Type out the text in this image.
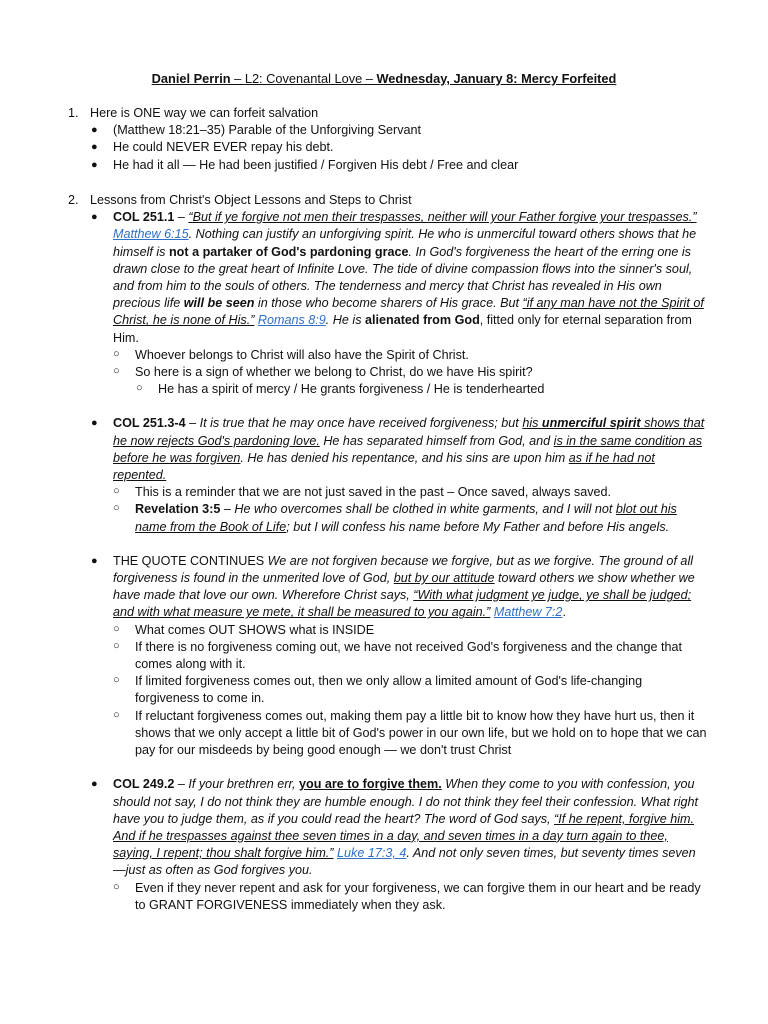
Daniel Perrin – L2: Covenantal Love – Wednesday, January 8: Mercy Forfeited
1. Here is ONE way we can forfeit salvation
● (Matthew 18:21–35) Parable of the Unforgiving Servant
● He could NEVER EVER repay his debt.
● He had it all — He had been justified / Forgiven His debt / Free and clear
2. Lessons from Christ's Object Lessons and Steps to Christ
● COL 251.1 – “But if ye forgive not men their trespasses, neither will your Father forgive your trespasses.” Matthew 6:15. Nothing can justify an unforgiving spirit. He who is unmerciful toward others shows that he himself is not a partaker of God's pardoning grace. In God's forgiveness the heart of the erring one is drawn close to the great heart of Infinite Love. The tide of divine compassion flows into the sinner's soul, and from him to the souls of others. The tenderness and mercy that Christ has revealed in His own precious life will be seen in those who become sharers of His grace. But “if any man have not the Spirit of Christ, he is none of His.” Romans 8:9. He is alienated from God, fitted only for eternal separation from Him.
○ Whoever belongs to Christ will also have the Spirit of Christ.
○ So here is a sign of whether we belong to Christ, do we have His spirit?
○ He has a spirit of mercy / He grants forgiveness / He is tenderhearted
● COL 251.3-4 – It is true that he may once have received forgiveness; but his unmerciful spirit shows that he now rejects God's pardoning love. He has separated himself from God, and is in the same condition as before he was forgiven. He has denied his repentance, and his sins are upon him as if he had not repented.
○ This is a reminder that we are not just saved in the past – Once saved, always saved.
○ Revelation 3:5 – He who overcomes shall be clothed in white garments, and I will not blot out his name from the Book of Life; but I will confess his name before My Father and before His angels.
● THE QUOTE CONTINUES We are not forgiven because we forgive, but as we forgive. The ground of all forgiveness is found in the unmerited love of God, but by our attitude toward others we show whether we have made that love our own. Wherefore Christ says, “With what judgment ye judge, ye shall be judged; and with what measure ye mete, it shall be measured to you again.” Matthew 7:2.
○ What comes OUT SHOWS what is INSIDE
○ If there is no forgiveness coming out, we have not received God's forgiveness and the change that comes along with it.
○ If limited forgiveness comes out, then we only allow a limited amount of God's life-changing forgiveness to come in.
○ If reluctant forgiveness comes out, making them pay a little bit to know how they have hurt us, then it shows that we only accept a little bit of God's power in our own life, but we hold on to hope that we can pay for our misdeeds by being good enough — we don't trust Christ
● COL 249.2 – If your brethren err, you are to forgive them. When they come to you with confession, you should not say, I do not think they are humble enough. I do not think they feel their confession. What right have you to judge them, as if you could read the heart? The word of God says, “If he repent, forgive him. And if he trespasses against thee seven times in a day, and seven times in a day turn again to thee, saying, I repent; thou shalt forgive him.” Luke 17:3, 4. And not only seven times, but seventy times seven—just as often as God forgives you.
○ Even if they never repent and ask for your forgiveness, we can forgive them in our heart and be ready to GRANT FORGIVENESS immediately when they ask.
